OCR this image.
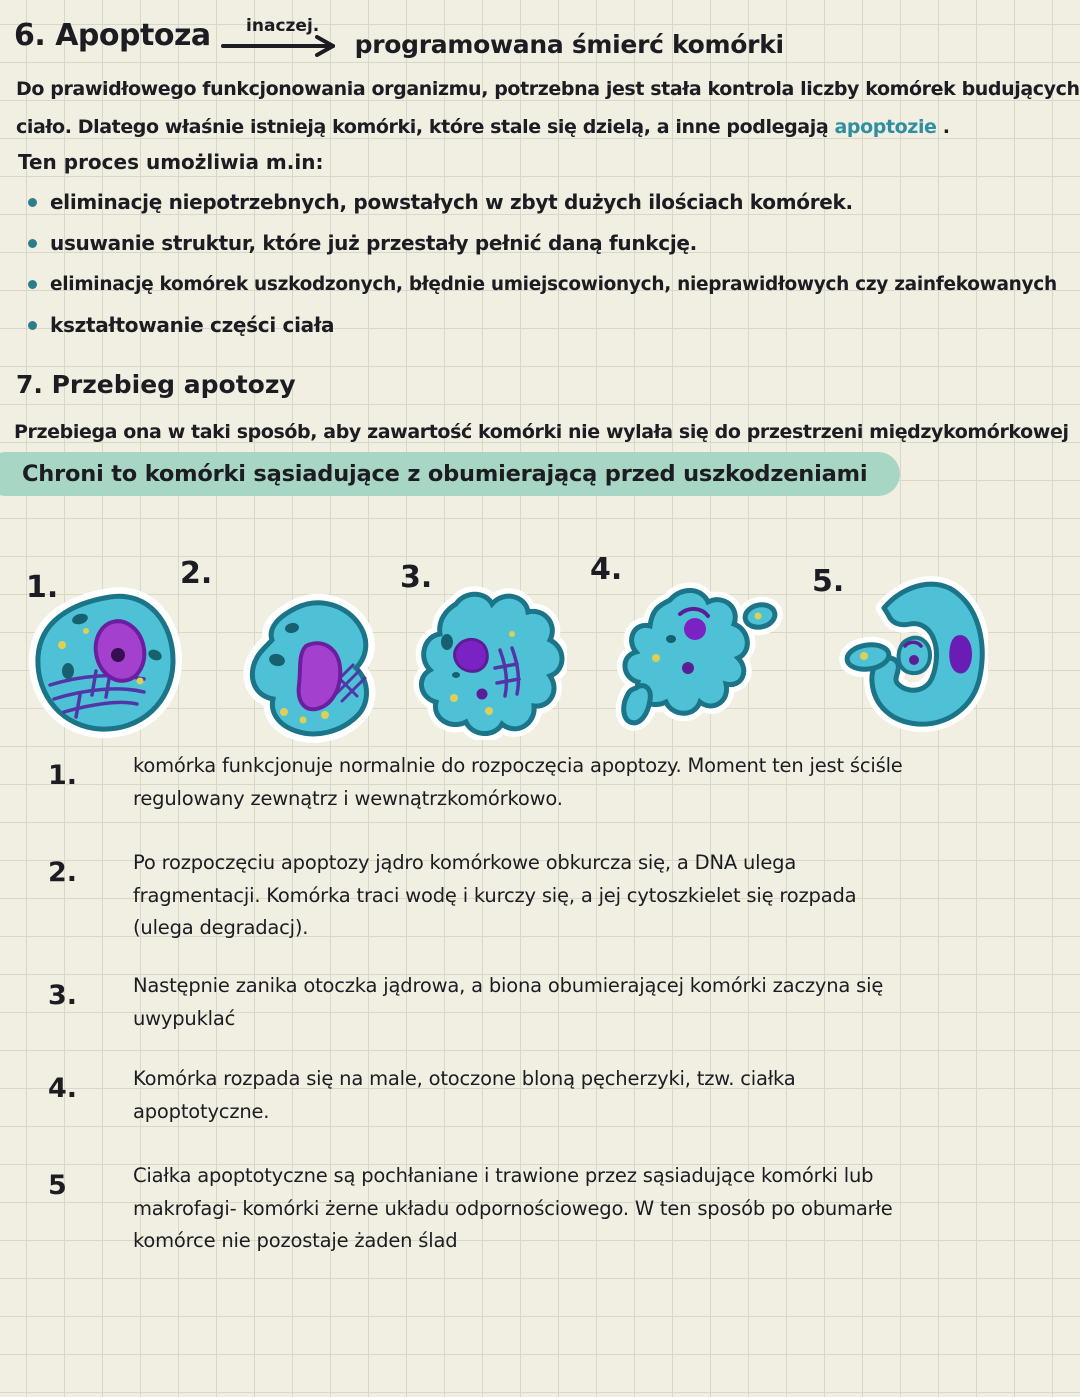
6. Apoptoza inaczej.
programowana śmierć komórki
Do prawidłowego funkcjonowania organizmu, potrzebna jest stała kontrola liczby komórek budujących
ciało. Dlatego właśnie istnieją komórki, które stale się dzielą, a inne podlegają apoptozie .
Ten proces umożliwia m.in:
eliminację niepotrzebnych, powstałych w zbyt dużych ilościach komórek.
usuwanie struktur, które już przestały pełnić daną funkcję.
eliminację komórek uszkodzonych, błędnie umiejscowionych, nieprawidłowych czy zainfekowanych
kształtowanie części ciała
7. Przebieg apotozy
Przebiega ona w taki sposób, aby zawartość komórki nie wylała się do przestrzeni międzykomórkowej
Chroni to komórki sąsiadujące z obumierającą przed uszkodzeniami
1.	2.	3.	4.	5.
1.	komórka funkcjonuje normalnie do rozpoczęcia apoptozy. Moment ten jest ściśle
regulowany zewnątrz i wewnątrzkomórkowo.
2.	Po rozpoczęciu apoptozy jądro komórkowe obkurcza się, a DNA ulega
fragmentacji. Komórka traci wodę i kurczy się, a jej cytoszkielet się rozpada
(ulega degradacj).
3.	Następnie zanika otoczka jądrowa, a biona obumierającej komórki zaczyna się
uwypuklać
4.	Komórka rozpada się na male, otoczone bloną pęcherzyki, tzw. ciałka
apoptotyczne.
5	Ciałka apoptotyczne są pochłaniane i trawione przez sąsiadujące komórki lub
makrofagi- komórki żerne układu odpornościowego. W ten sposób po obumarłe
komórce nie pozostaje żaden ślad
